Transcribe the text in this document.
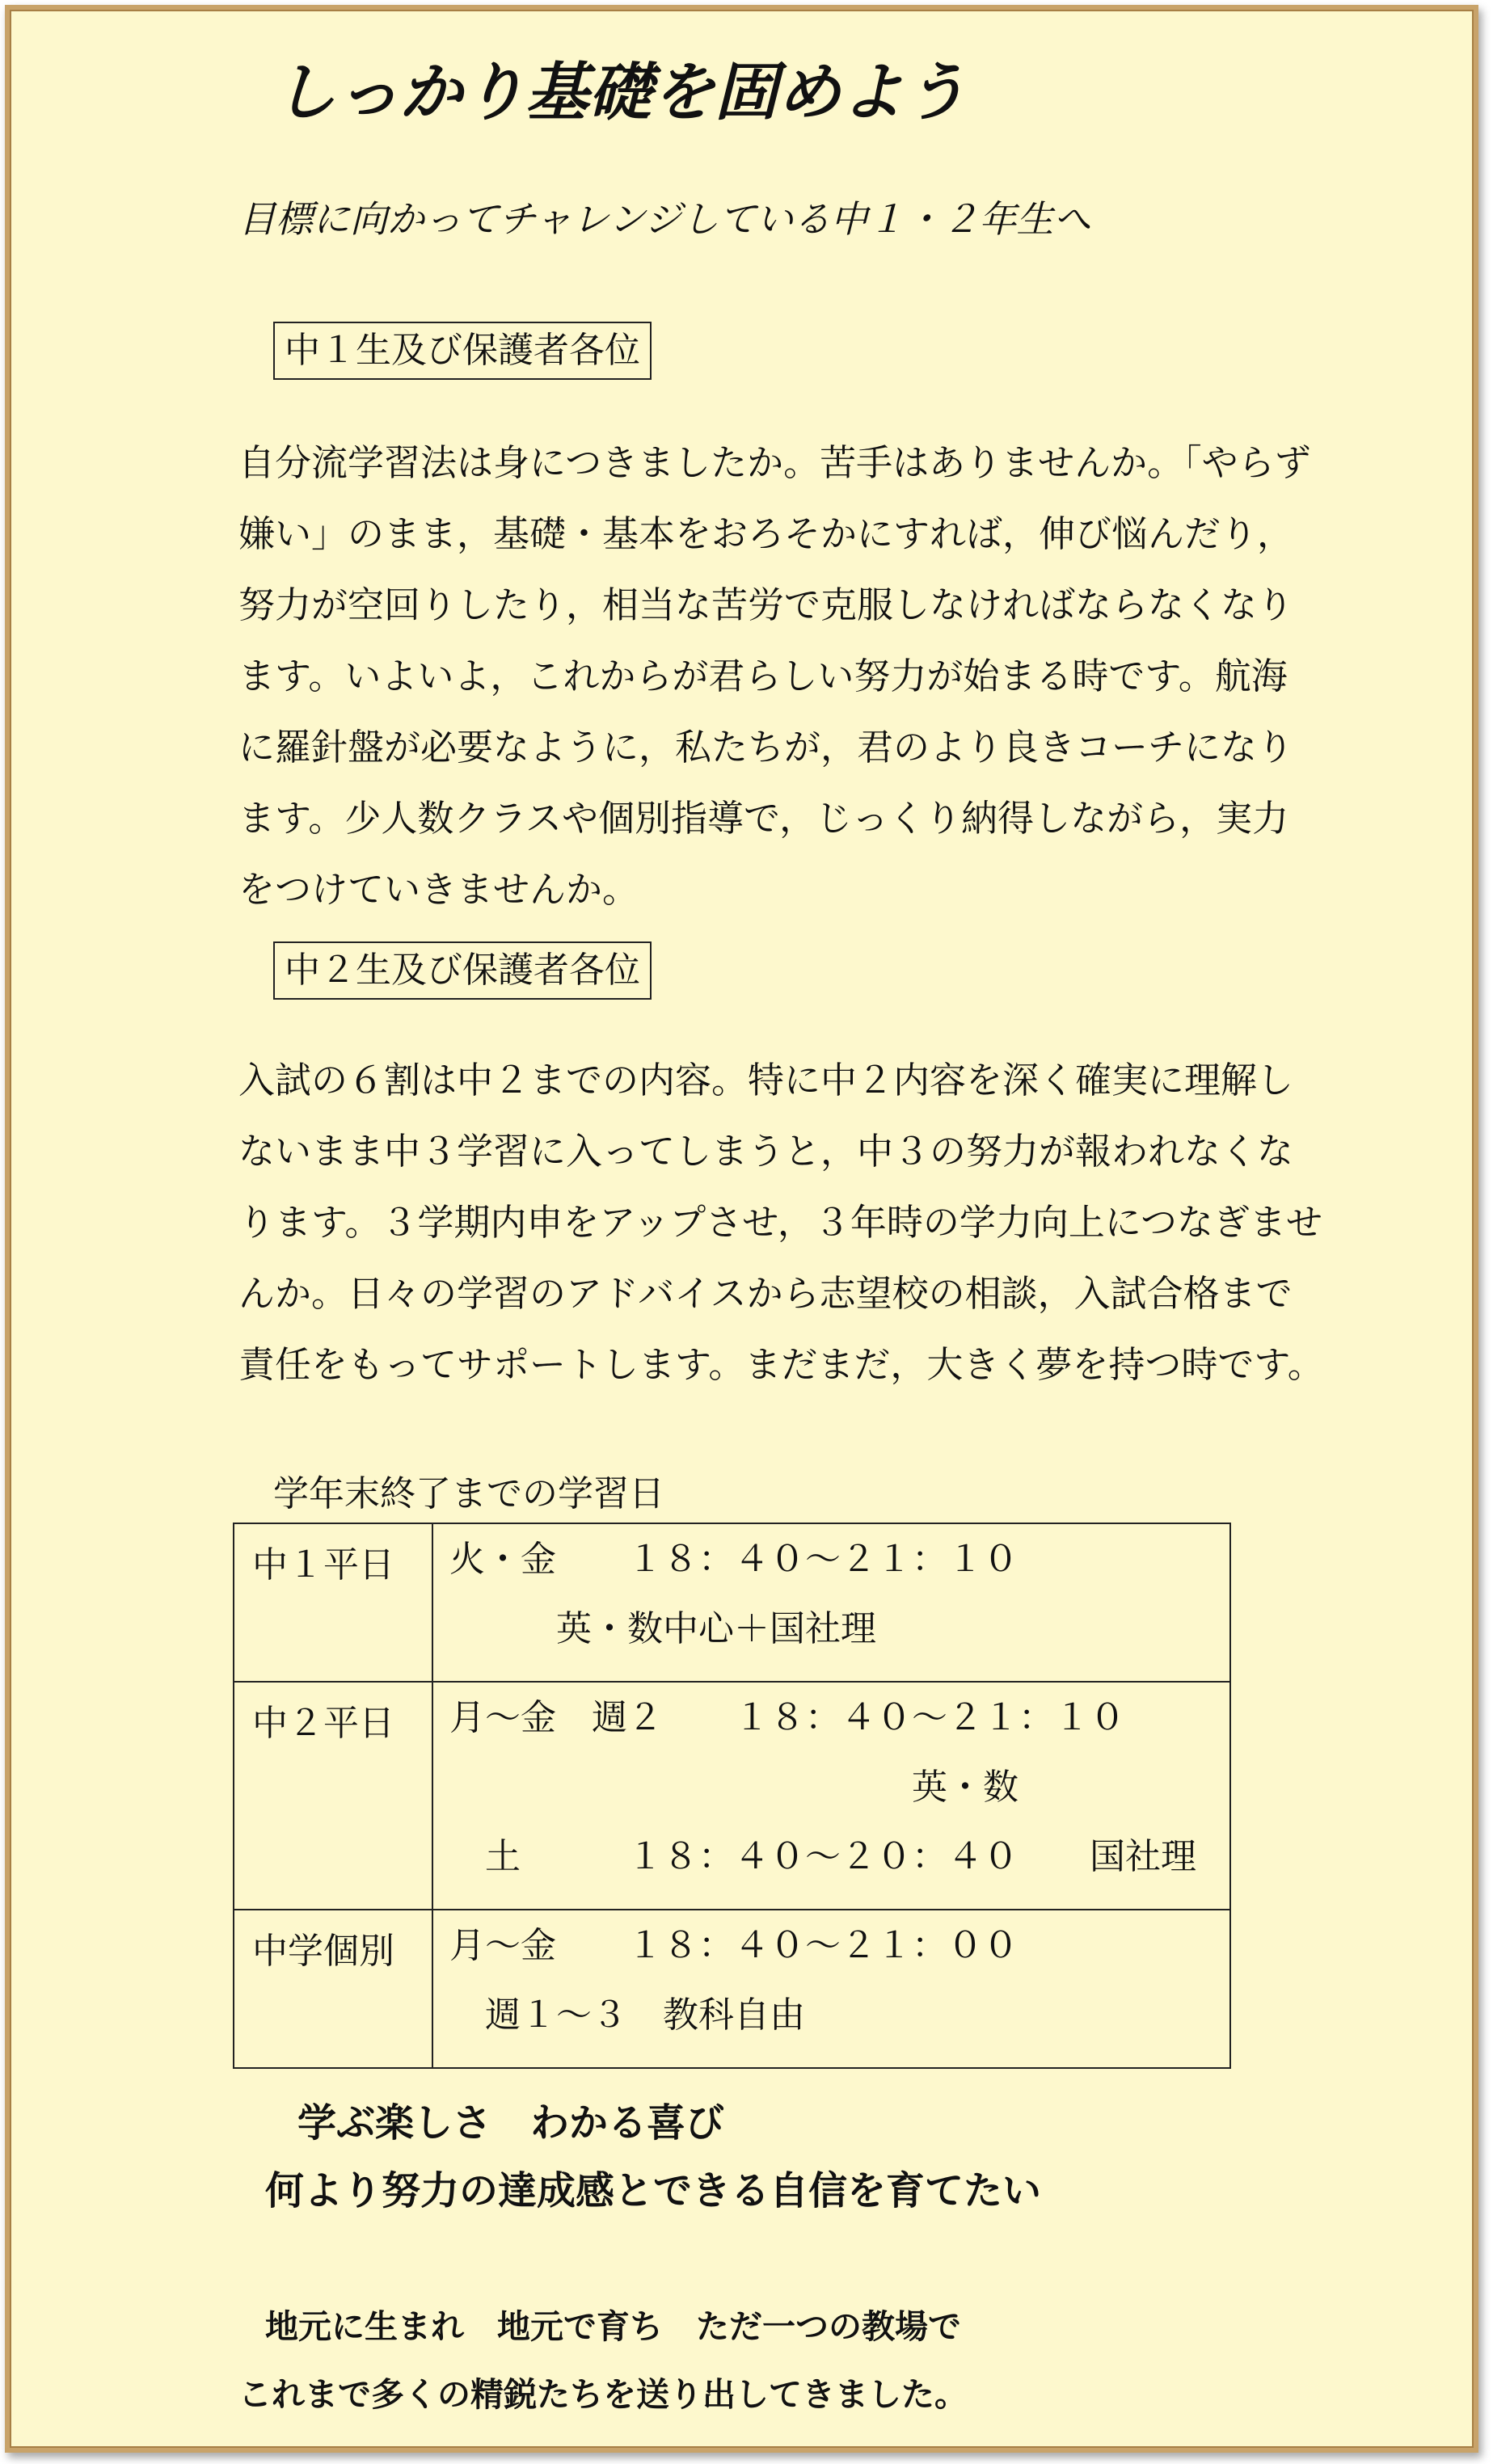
しっかり基礎を固めよう
目標に向かってチャレンジしている中１・２年生へ
中１生及び保護者各位
自分流学習法は身につきましたか。苦手はありませんか。「やらず
嫌い」のまま，基礎・基本をおろそかにすれば，伸び悩んだり，
努力が空回りしたり，相当な苦労で克服しなければならなくなり
ます。いよいよ，これからが君らしい努力が始まる時です。航海
に羅針盤が必要なように，私たちが，君のより良きコーチになり
ます。少人数クラスや個別指導で，じっくり納得しながら，実力
をつけていきませんか。
中２生及び保護者各位
入試の６割は中２までの内容。特に中２内容を深く確実に理解し
ないまま中３学習に入ってしまうと，中３の努力が報われなくな
ります。３学期内申をアップさせ，３年時の学力向上につなぎませ
んか。日々の学習のアドバイスから志望校の相談，入試合格まで
責任をもってサポートします。まだまだ，大きく夢を持つ時です。
学年末終了までの学習日
中１平日	火・金　　１８：４０～２１：１０
　　　英・数中心＋国社理

中２平日	月～金　週２　　１８：４０～２１：１０
　　　　　　　　　　　　　英・数
　土　　　１８：４０～２０：４０　　国社理

中学個別	月～金　　１８：４０～２１：００
　週１～３　教科自由
学ぶ楽しさ　わかる喜び
何より努力の達成感とできる自信を育てたい
地元に生まれ　地元で育ち　ただ一つの教場で
これまで多くの精鋭たちを送り出してきました。
